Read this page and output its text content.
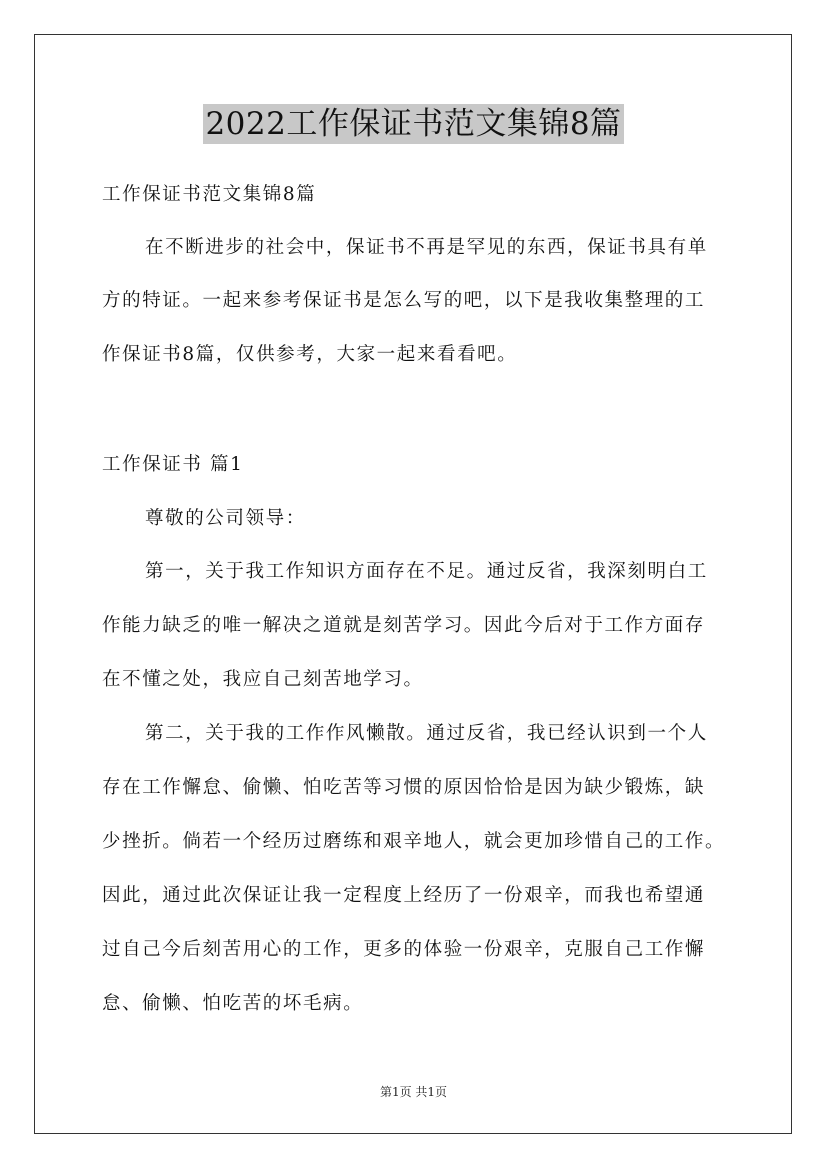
2022工作保证书范文集锦8篇
工作保证书范文集锦8篇
在不断进步的社会中，保证书不再是罕见的东西，保证书具有单
方的特证。一起来参考保证书是怎么写的吧，以下是我收集整理的工
作保证书8篇，仅供参考，大家一起来看看吧。
工作保证书 篇1
尊敬的公司领导：
第一，关于我工作知识方面存在不足。通过反省，我深刻明白工
作能力缺乏的唯一解决之道就是刻苦学习。因此今后对于工作方面存
在不懂之处，我应自己刻苦地学习。
第二，关于我的工作作风懒散。通过反省，我已经认识到一个人
存在工作懈怠、偷懒、怕吃苦等习惯的原因恰恰是因为缺少锻炼，缺
少挫折。倘若一个经历过磨练和艰辛地人，就会更加珍惜自己的工作。
因此，通过此次保证让我一定程度上经历了一份艰辛，而我也希望通
过自己今后刻苦用心的工作，更多的体验一份艰辛，克服自己工作懈
怠、偷懒、怕吃苦的坏毛病。
第1页 共1页
